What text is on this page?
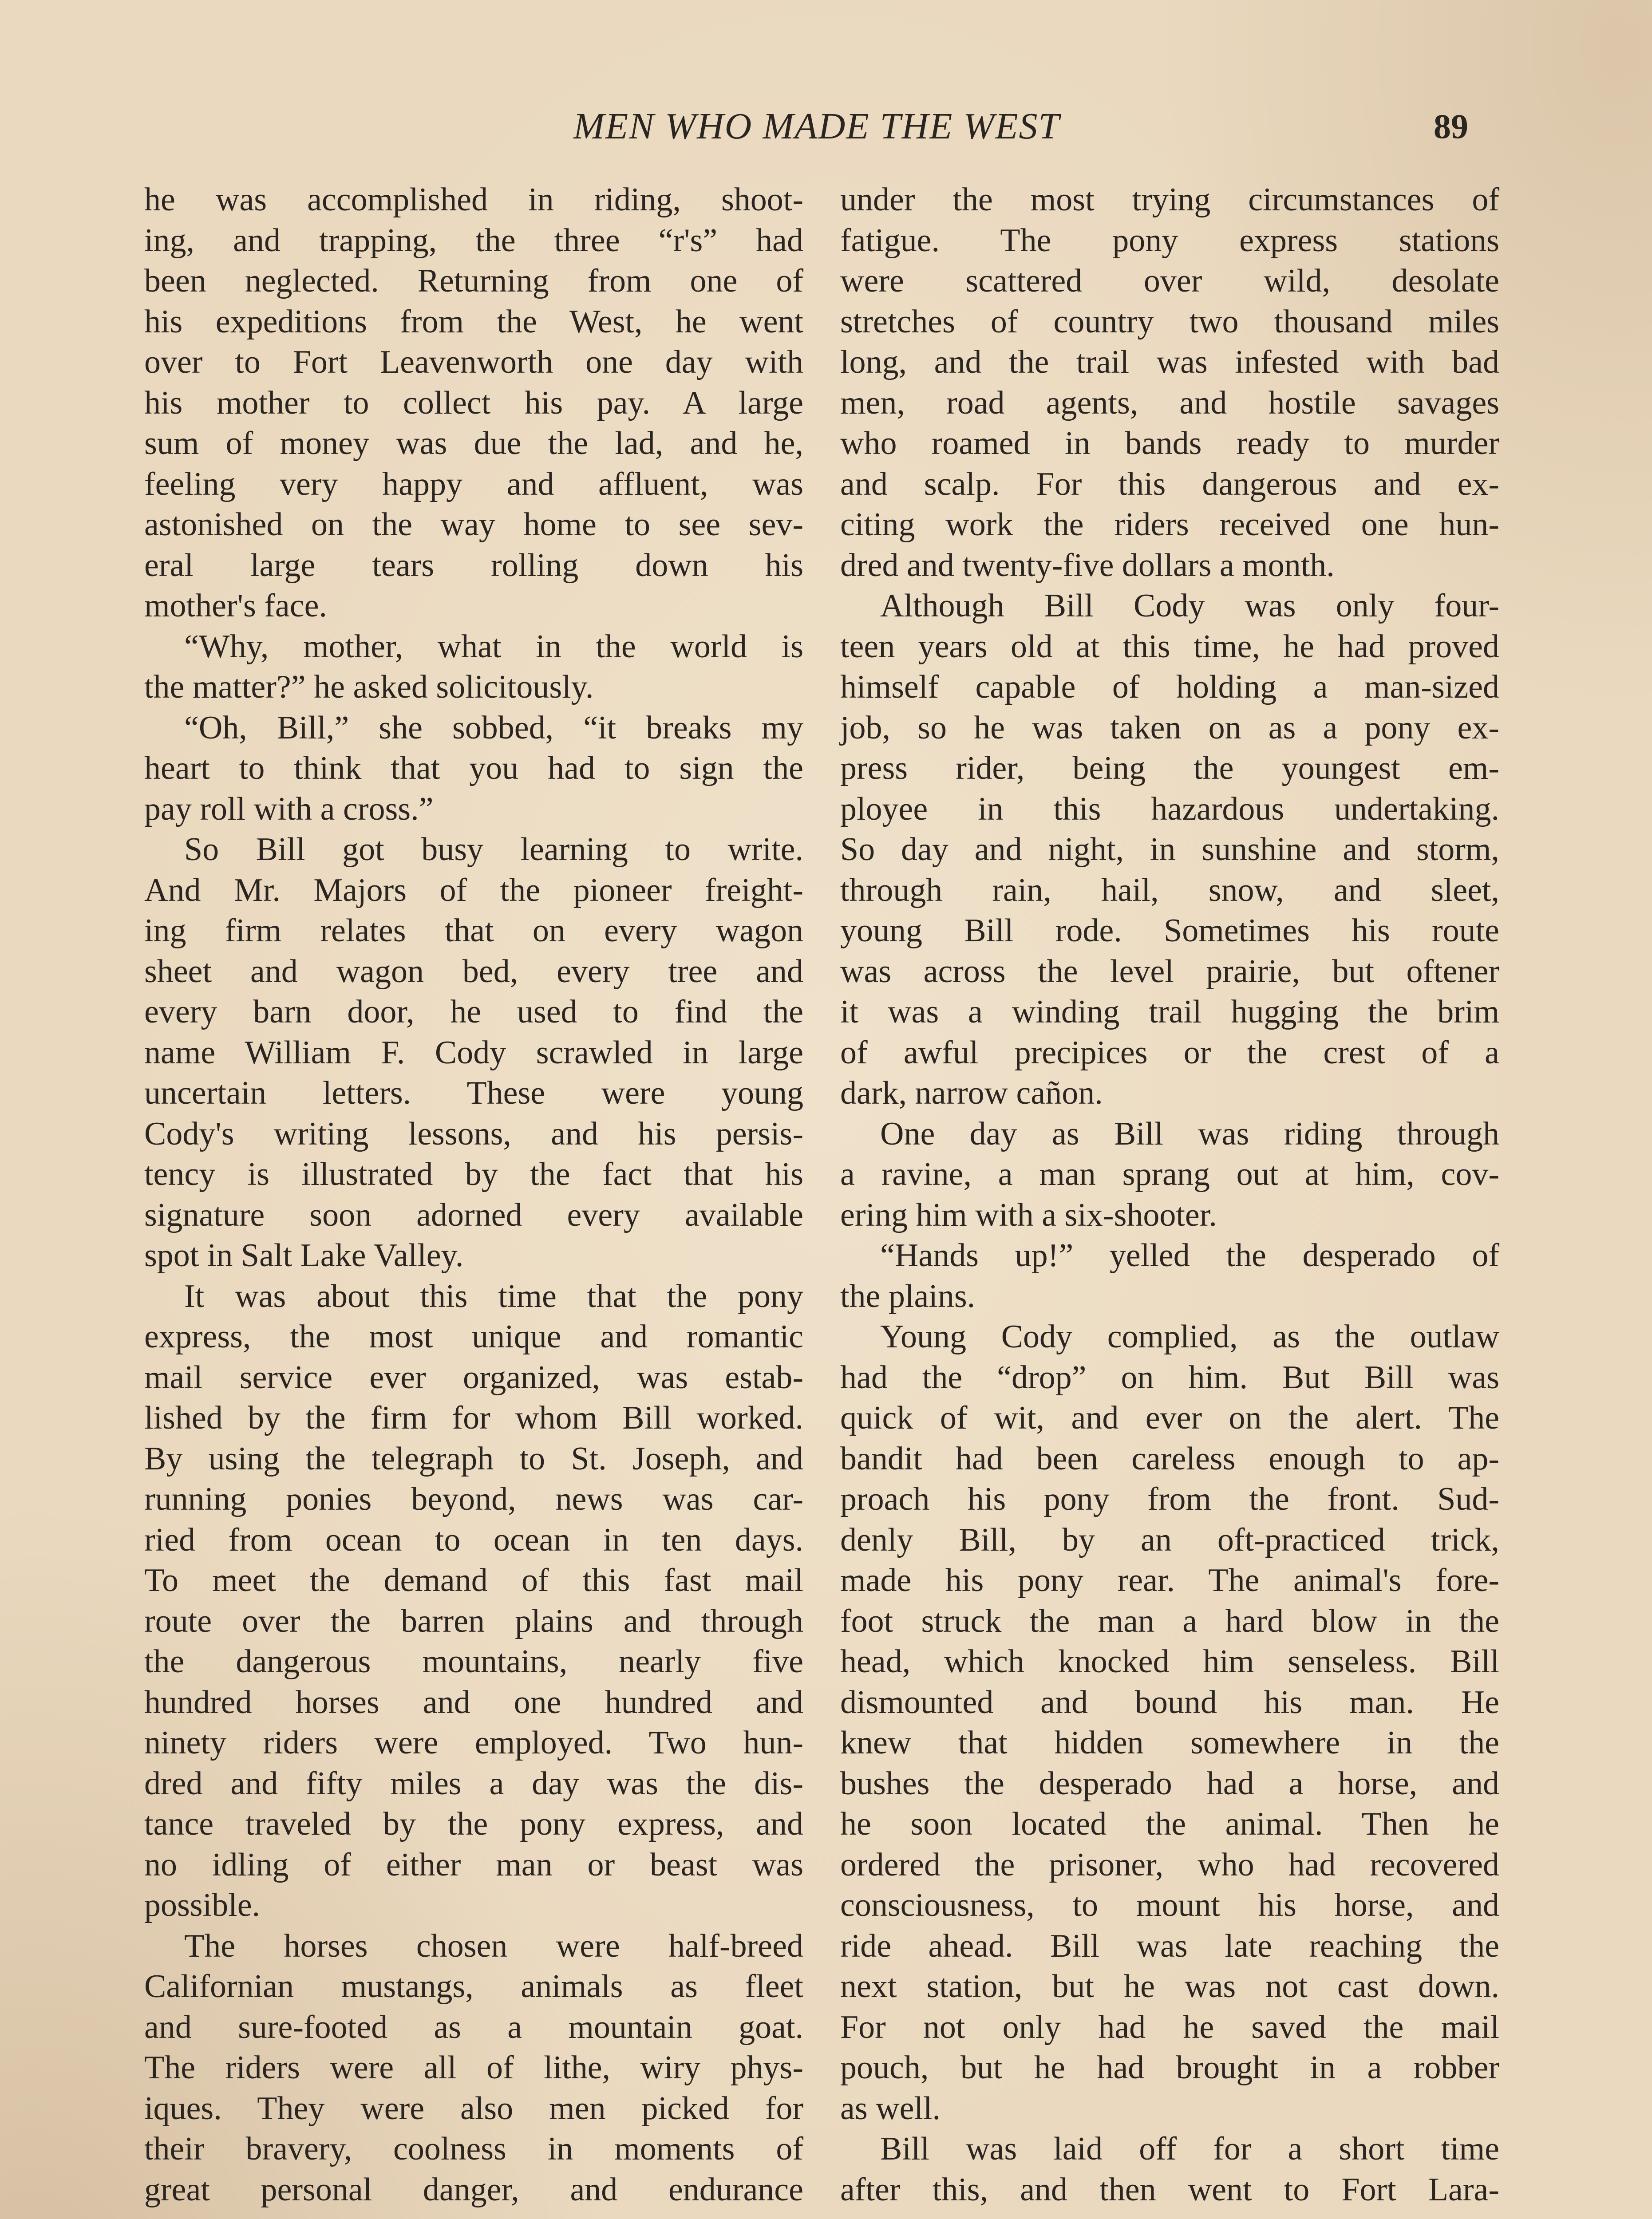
MEN WHO MADE THE WEST	89
he was accomplished in riding, shoot-
ing, and trapping, the three “r's” had
been neglected. Returning from one of
his expeditions from the West, he went
over to Fort Leavenworth one day with
his mother to collect his pay. A large
sum of money was due the lad, and he,
feeling very happy and affluent, was
astonished on the way home to see sev-
eral large tears rolling down his
mother's face.
“Why, mother, what in the world is
the matter?” he asked solicitously.
“Oh, Bill,” she sobbed, “it breaks my
heart to think that you had to sign the
pay roll with a cross.”
So Bill got busy learning to write.
And Mr. Majors of the pioneer freight-
ing firm relates that on every wagon
sheet and wagon bed, every tree and
every barn door, he used to find the
name William F. Cody scrawled in large
uncertain letters. These were young
Cody's writing lessons, and his persis-
tency is illustrated by the fact that his
signature soon adorned every available
spot in Salt Lake Valley.
It was about this time that the pony
express, the most unique and romantic
mail service ever organized, was estab-
lished by the firm for whom Bill worked.
By using the telegraph to St. Joseph, and
running ponies beyond, news was car-
ried from ocean to ocean in ten days.
To meet the demand of this fast mail
route over the barren plains and through
the dangerous mountains, nearly five
hundred horses and one hundred and
ninety riders were employed. Two hun-
dred and fifty miles a day was the dis-
tance traveled by the pony express, and
no idling of either man or beast was
possible.
The horses chosen were half-breed
Californian mustangs, animals as fleet
and sure-footed as a mountain goat.
The riders were all of lithe, wiry phys-
iques. They were also men picked for
their bravery, coolness in moments of
great personal danger, and endurance
under the most trying circumstances of
fatigue. The pony express stations
were scattered over wild, desolate
stretches of country two thousand miles
long, and the trail was infested with bad
men, road agents, and hostile savages
who roamed in bands ready to murder
and scalp. For this dangerous and ex-
citing work the riders received one hun-
dred and twenty-five dollars a month.
Although Bill Cody was only four-
teen years old at this time, he had proved
himself capable of holding a man-sized
job, so he was taken on as a pony ex-
press rider, being the youngest em-
ployee in this hazardous undertaking.
So day and night, in sunshine and storm,
through rain, hail, snow, and sleet,
young Bill rode. Sometimes his route
was across the level prairie, but oftener
it was a winding trail hugging the brim
of awful precipices or the crest of a
dark, narrow cañon.
One day as Bill was riding through
a ravine, a man sprang out at him, cov-
ering him with a six-shooter.
“Hands up!” yelled the desperado of
the plains.
Young Cody complied, as the outlaw
had the “drop” on him. But Bill was
quick of wit, and ever on the alert. The
bandit had been careless enough to ap-
proach his pony from the front. Sud-
denly Bill, by an oft-practiced trick,
made his pony rear. The animal's fore-
foot struck the man a hard blow in the
head, which knocked him senseless. Bill
dismounted and bound his man. He
knew that hidden somewhere in the
bushes the desperado had a horse, and
he soon located the animal. Then he
ordered the prisoner, who had recovered
consciousness, to mount his horse, and
ride ahead. Bill was late reaching the
next station, but he was not cast down.
For not only had he saved the mail
pouch, but he had brought in a robber
as well.
Bill was laid off for a short time
after this, and then went to Fort Lara-
